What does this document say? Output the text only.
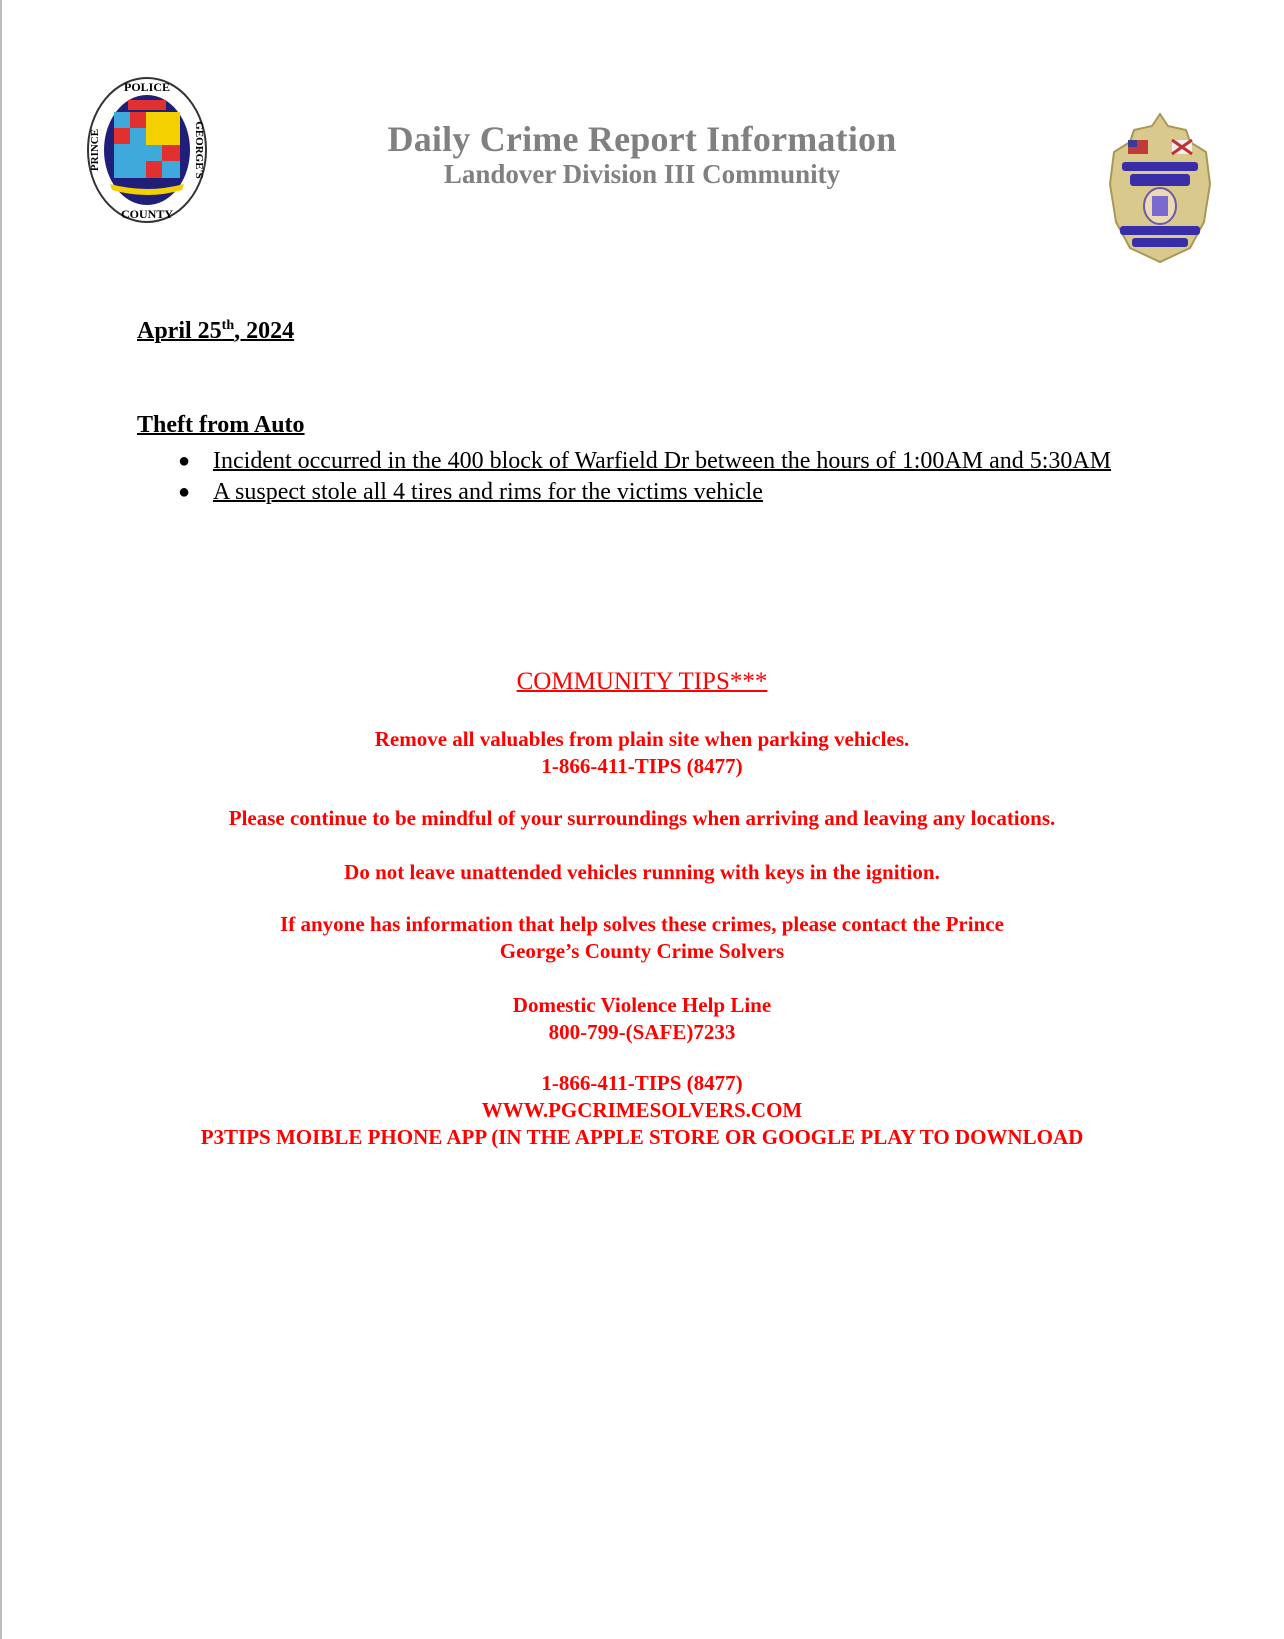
POLICE
COUNTY
PRINCE	GEORGE'S	Daily Crime Report Information
Landover Division III Community
April 25th, 2024
Theft from Auto
● Incident occurred in the 400 block of Warfield Dr between the hours of 1:00AM and 5:30AM
● A suspect stole all 4 tires and rims for the victims vehicle
COMMUNITY TIPS***
Remove all valuables from plain site when parking vehicles.
1-866-411-TIPS (8477)
Please continue to be mindful of your surroundings when arriving and leaving any locations.
Do not leave unattended vehicles running with keys in the ignition.
If anyone has information that help solves these crimes, please contact the Prince
George’s County Crime Solvers
Domestic Violence Help Line
800-799-(SAFE)7233
1-866-411-TIPS (8477)
WWW.PGCRIMESOLVERS.COM
P3TIPS MOIBLE PHONE APP (IN THE APPLE STORE OR GOOGLE PLAY TO DOWNLOAD
